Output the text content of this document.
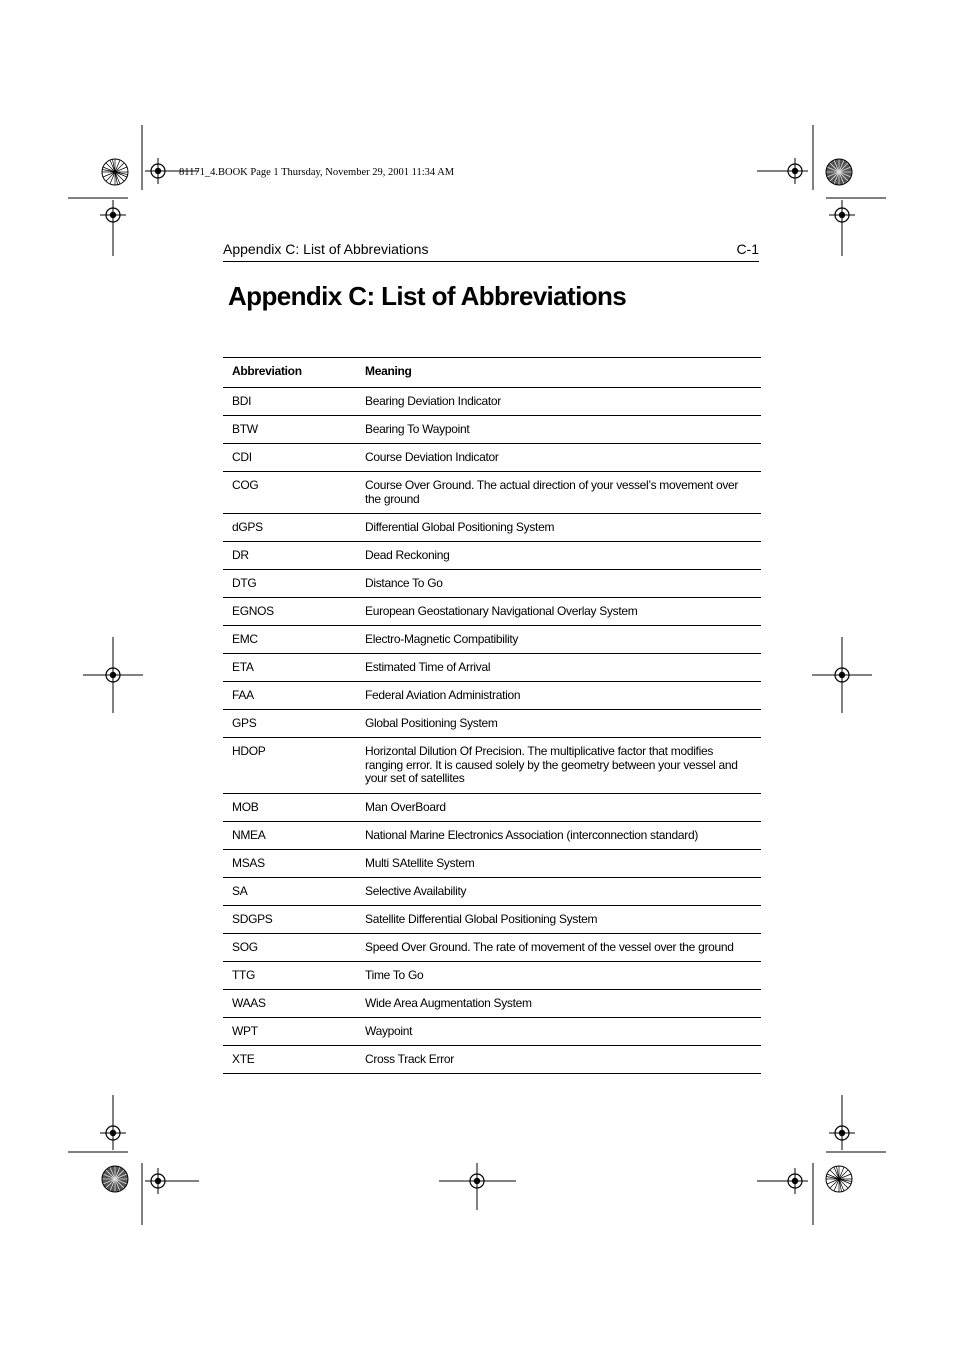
81171_4.BOOK Page 1 Thursday, November 29, 2001 11:34 AM
Appendix C: List of Abbreviations	C-1
Appendix C: List of Abbreviations
Abbreviation	Meaning
BDI	Bearing Deviation Indicator
BTW	Bearing To Waypoint
CDI	Course Deviation Indicator
COG	Course Over Ground. The actual direction of your vessel’s movement over the ground
dGPS	Differential Global Positioning System
DR	Dead Reckoning
DTG	Distance To Go
EGNOS	European Geostationary Navigational Overlay System
EMC	Electro-Magnetic Compatibility
ETA	Estimated Time of Arrival
FAA	Federal Aviation Administration
GPS	Global Positioning System
HDOP	Horizontal Dilution Of Precision. The multiplicative factor that modifies ranging error. It is caused solely by the geometry between your vessel and your set of satellites
MOB	Man OverBoard
NMEA	National Marine Electronics Association (interconnection standard)
MSAS	Multi SAtellite System
SA	Selective Availability
SDGPS	Satellite Differential Global Positioning System
SOG	Speed Over Ground. The rate of movement of the vessel over the ground
TTG	Time To Go
WAAS	Wide Area Augmentation System
WPT	Waypoint
XTE	Cross Track Error
